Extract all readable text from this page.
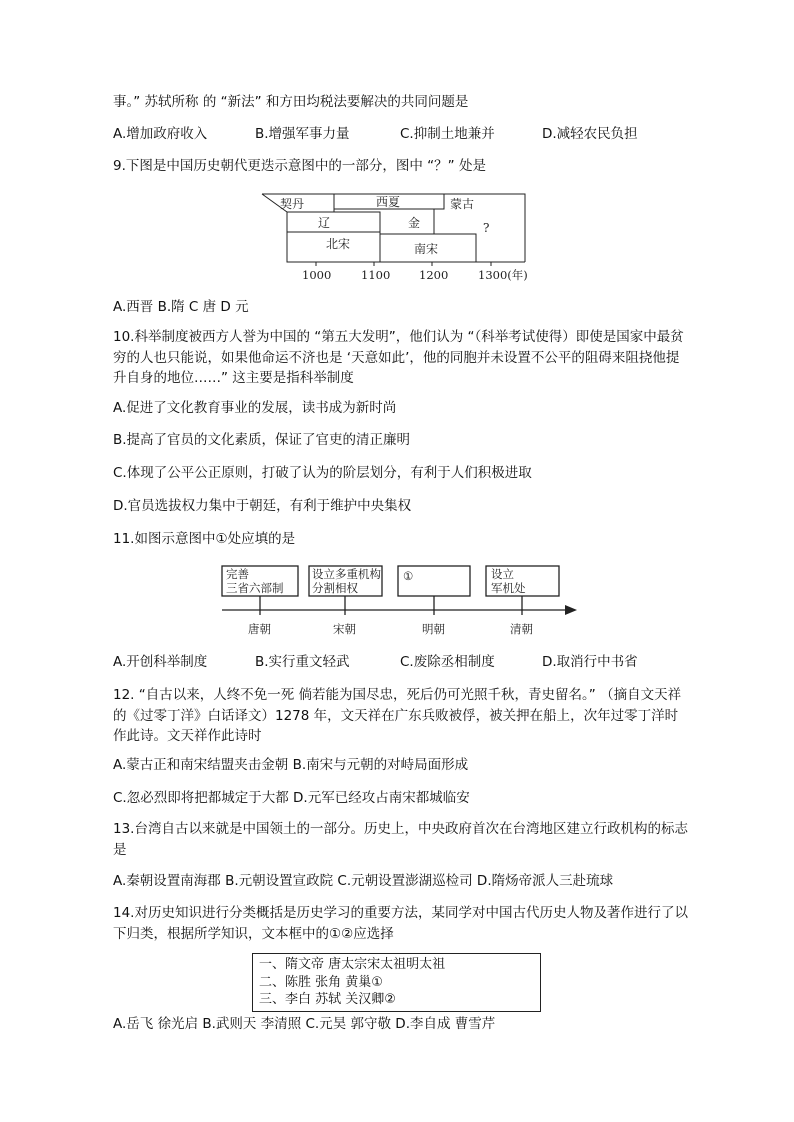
事。” 苏轼所称 的 “新法” 和方田均税法要解决的共同问题是
A.增加政府收入	B.增强军事力量	C.抑制土地兼并	D.减轻农民负担
9.下图是中国历史朝代更迭示意图中的一部分，图中 “？” 处是
契丹	西夏	蒙古
辽	金	?
北宋	南宋
1000	1100 1200	1300(年)
A.西晋 B.隋 C 唐 D 元
10.科举制度被西方人誉为中国的 “第五大发明”，他们认为 “（科举考试使得）即使是国家中最贫穷的人也只能说，如果他命运不济也是 ‘天意如此’，他的同胞并未设置不公平的阻碍来阻挠他提升自身的地位……” 这主要是指科举制度
A.促进了文化教育事业的发展，读书成为新时尚
B.提高了官员的文化素质，保证了官吏的清正廉明
C.体现了公平公正原则，打破了认为的阶层划分，有利于人们积极进取
D.官员选拔权力集中于朝廷，有利于维护中央集权
11.如图示意图中①处应填的是
完善
三省六部制
设立多重机构
分割相权
①	设立
军机处
唐朝	宋朝	明朝	清朝
A.开创科举制度	B.实行重文轻武	C.废除丞相制度	D.取消行中书省
12. “自古以来，人终不免一死 倘若能为国尽忠，死后仍可光照千秋，青史留名。” （摘自文天祥的《过零丁洋》白话译文）1278 年，文天祥在广东兵败被俘，被关押在船上，次年过零丁洋时作此诗。文天祥作此诗时
A.蒙古正和南宋结盟夹击金朝 B.南宋与元朝的对峙局面形成
C.忽必烈即将把都城定于大都 D.元军已经攻占南宋都城临安
13.台湾自古以来就是中国领土的一部分。历史上，中央政府首次在台湾地区建立行政机构的标志是
A.秦朝设置南海郡 B.元朝设置宣政院 C.元朝设置澎湖巡检司 D.隋炀帝派人三赴琉球
14.对历史知识进行分类概括是历史学习的重要方法，某同学对中国古代历史人物及著作进行了以下归类，根据所学知识，文本框中的①②应选择
一、隋文帝 唐太宗宋太祖明太祖
二、陈胜 张角 黄巢①
三、李白 苏轼 关汉卿②
A.岳飞 徐光启 B.武则天 李清照 C.元昊 郭守敬 D.李自成 曹雪芹
